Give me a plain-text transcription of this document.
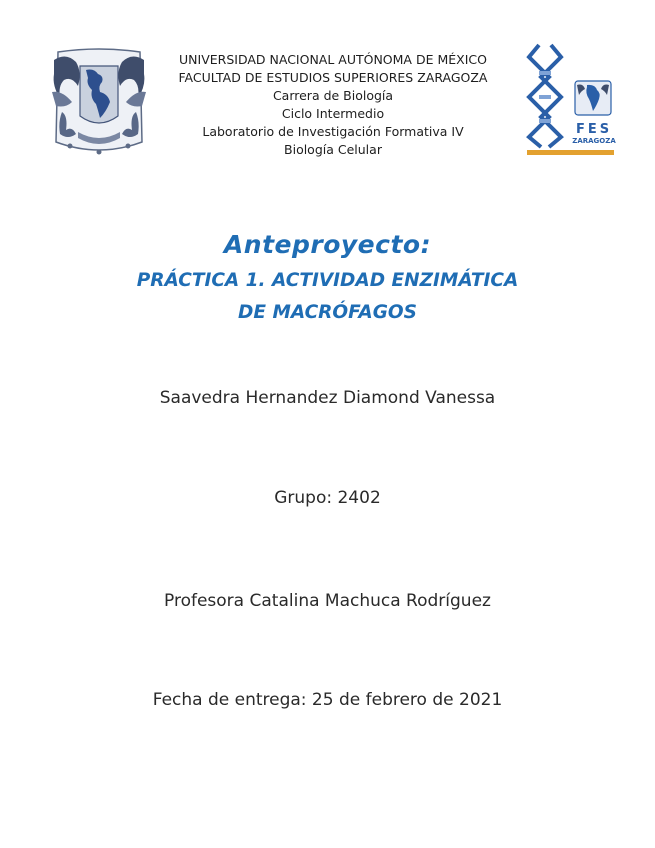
UNIVERSIDAD NACIONAL AUTÓNOMA DE MÉXICO
FACULTAD DE ESTUDIOS SUPERIORES ZARAGOZA
Carrera de Biología
Ciclo Intermedio
Laboratorio de Investigación Formativa IV
Biología Celular
FES
ZARAGOZA
Anteproyecto:
PRÁCTICA 1. ACTIVIDAD ENZIMÁTICA
DE MACRÓFAGOS
Saavedra Hernandez Diamond Vanessa
Grupo: 2402
Profesora Catalina Machuca Rodríguez
Fecha de entrega: 25 de febrero de 2021
